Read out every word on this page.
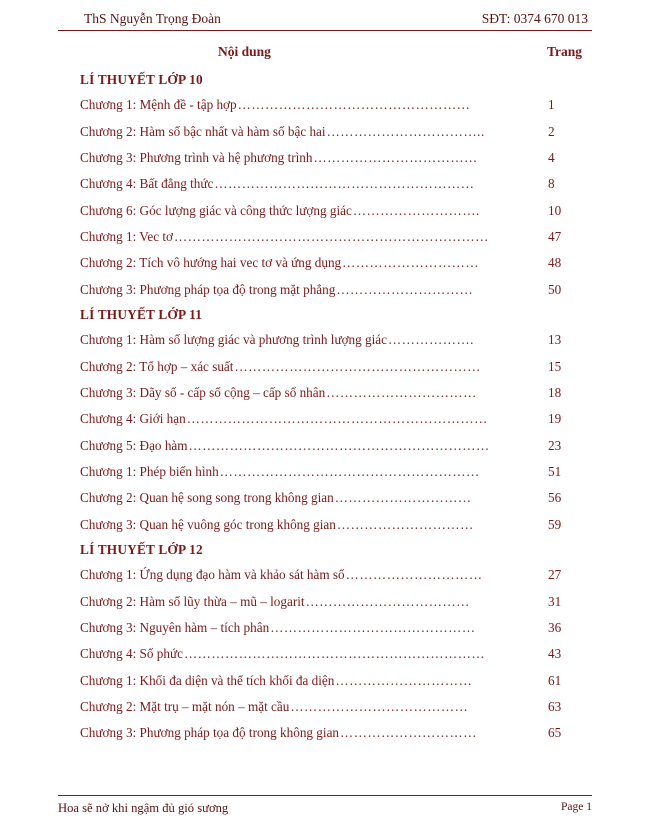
ThS Nguyễn Trọng Đoàn	SĐT: 0374 670 013
Nội dung	Trang
LÍ THUYẾT LỚP 10
Chương 1: Mệnh đề - tập hợp ……………………………………………	1
Chương 2: Hàm số bậc nhất và hàm số bậc hai ……………………………..	2
Chương 3: Phương trình và hệ phương trình ………………………………	4
Chương 4: Bất đẳng thức …………………………………………………	8
Chương 6: Góc lượng giác và công thức lượng giác ……………………….	10
Chương 1: Vec tơ ……………………………………………………………	47
Chương 2: Tích vô hướng hai vec tơ và ứng dụng …………………………	48
Chương 3: Phương pháp tọa độ trong mặt phẳng …………………………	50
LÍ THUYẾT LỚP 11
Chương 1: Hàm số lượng giác và phương trình lượng giác ……………….	13
Chương 2: Tổ hợp – xác suất ………………………………………………	15
Chương 3: Dãy số - cấp số cộng – cấp số nhân ……………………………	18
Chương 4: Giới hạn …………………………………………………………	19
Chương 5: Đạo hàm …………………………………………………………	23
Chương 1: Phép biến hình …………………………………………………	51
Chương 2: Quan hệ song song trong không gian …………………………	56
Chương 3: Quan hệ vuông góc trong không gian …………………………	59
LÍ THUYẾT LỚP 12
Chương 1: Ứng dụng đạo hàm và khảo sát hàm số …………………………	27
Chương 2: Hàm số lũy thừa – mũ – logarit ………………………………	31
Chương 3: Nguyên hàm – tích phân ………………………………………	36
Chương 4: Số phức …………………………………………………………	43
Chương 1: Khối đa diện và thể tích khối đa diện …………………………	61
Chương 2: Mặt trụ – mặt nón – mặt cầu …………………………………	63
Chương 3: Phương pháp tọa độ trong không gian …………………………	65
Hoa sẽ nở khi ngậm đủ gió sương	Page 1
